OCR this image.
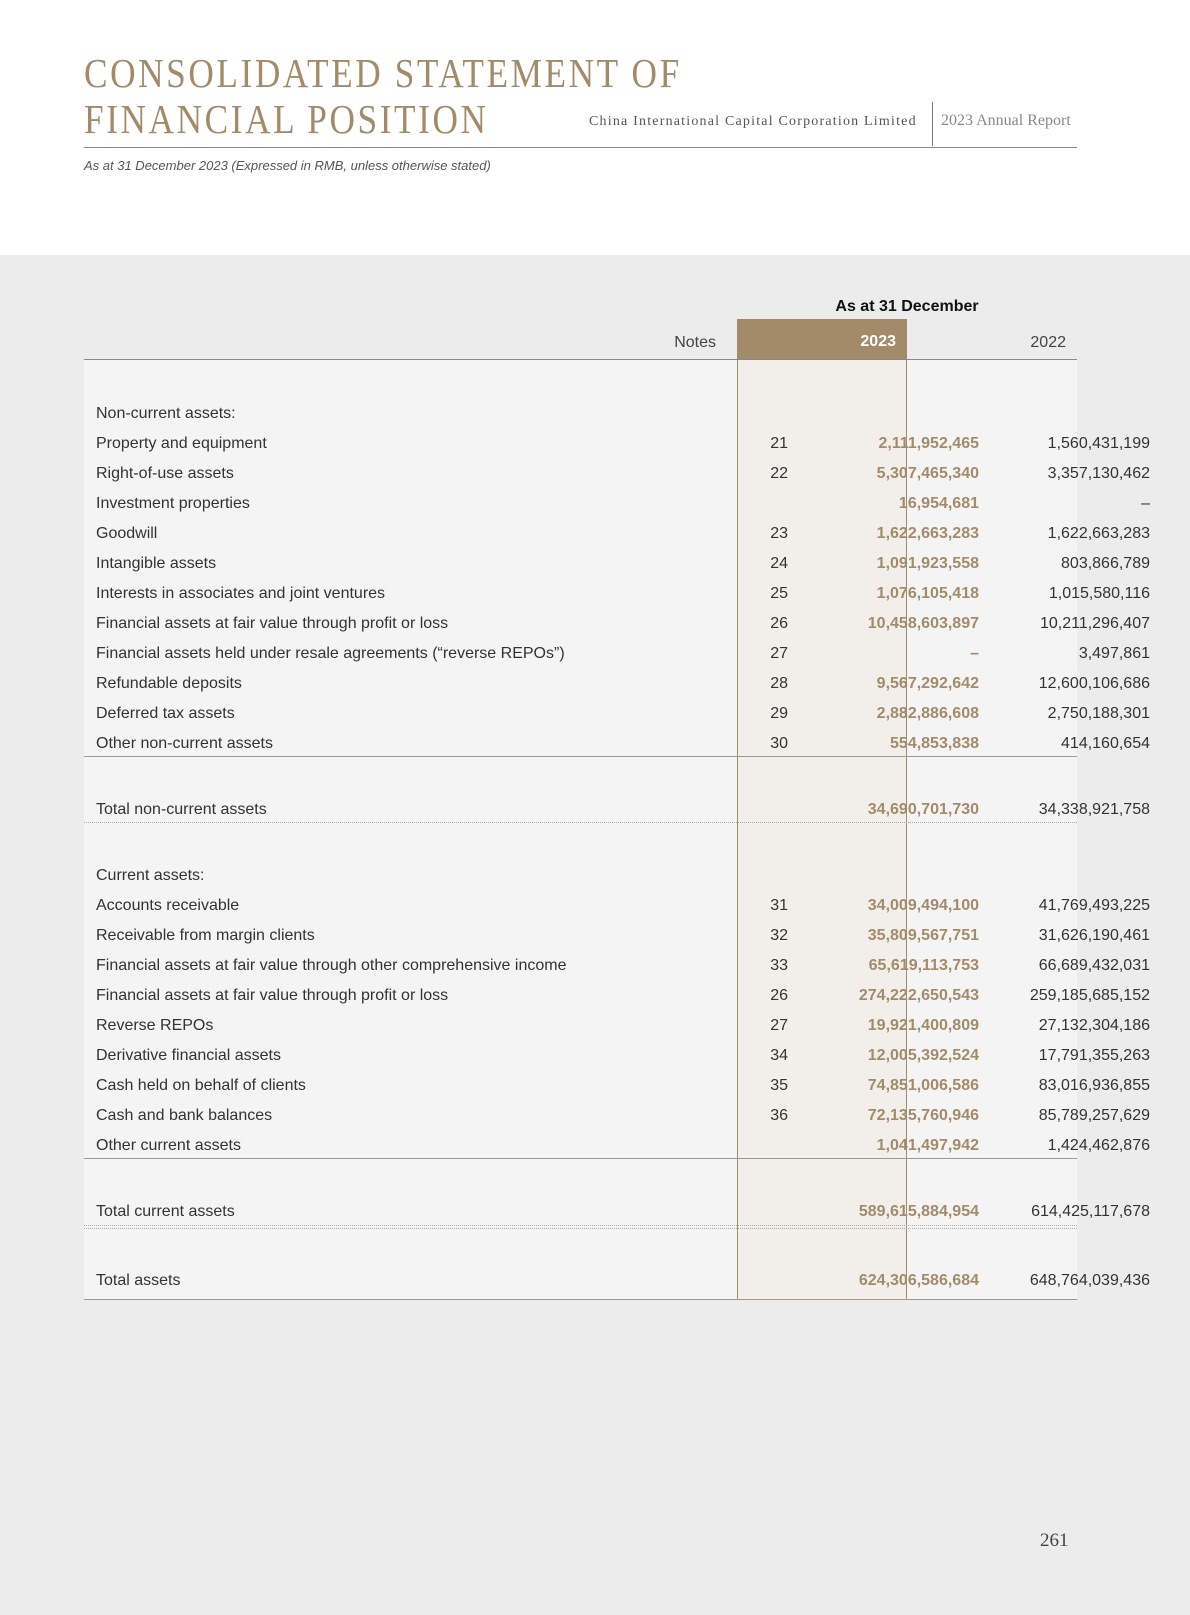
CONSOLIDATED STATEMENT OF
FINANCIAL POSITION	China International Capital Corporation Limited 2023 Annual Report
As at 31 December 2023 (Expressed in RMB, unless otherwise stated)
As at 31 December
Notes	2023	2022
Non-current assets:
Property and equipment	21	2,111,952,465	1,560,431,199
Right-of-use assets	22	5,307,465,340	3,357,130,462
Investment properties	16,954,681	–
Goodwill	23	1,622,663,283	1,622,663,283
Intangible assets	24	1,091,923,558	803,866,789
Interests in associates and joint ventures	25	1,076,105,418	1,015,580,116
Financial assets at fair value through profit or loss	26	10,458,603,897	10,211,296,407
Financial assets held under resale agreements (“reverse REPOs”)	27	–	3,497,861
Refundable deposits	28	9,567,292,642	12,600,106,686
Deferred tax assets	29	2,882,886,608	2,750,188,301
Other non-current assets	30	554,853,838	414,160,654
Total non-current assets	34,690,701,730	34,338,921,758
Current assets:
Accounts receivable	31	34,009,494,100	41,769,493,225
Receivable from margin clients	32	35,809,567,751	31,626,190,461
Financial assets at fair value through other comprehensive income	33	65,619,113,753	66,689,432,031
Financial assets at fair value through profit or loss	26	274,222,650,543	259,185,685,152
Reverse REPOs	27	19,921,400,809	27,132,304,186
Derivative financial assets	34	12,005,392,524	17,791,355,263
Cash held on behalf of clients	35	74,851,006,586	83,016,936,855
Cash and bank balances	36	72,135,760,946	85,789,257,629
Other current assets	1,041,497,942	1,424,462,876
Total current assets	589,615,884,954	614,425,117,678
Total assets	624,306,586,684	648,764,039,436
261
